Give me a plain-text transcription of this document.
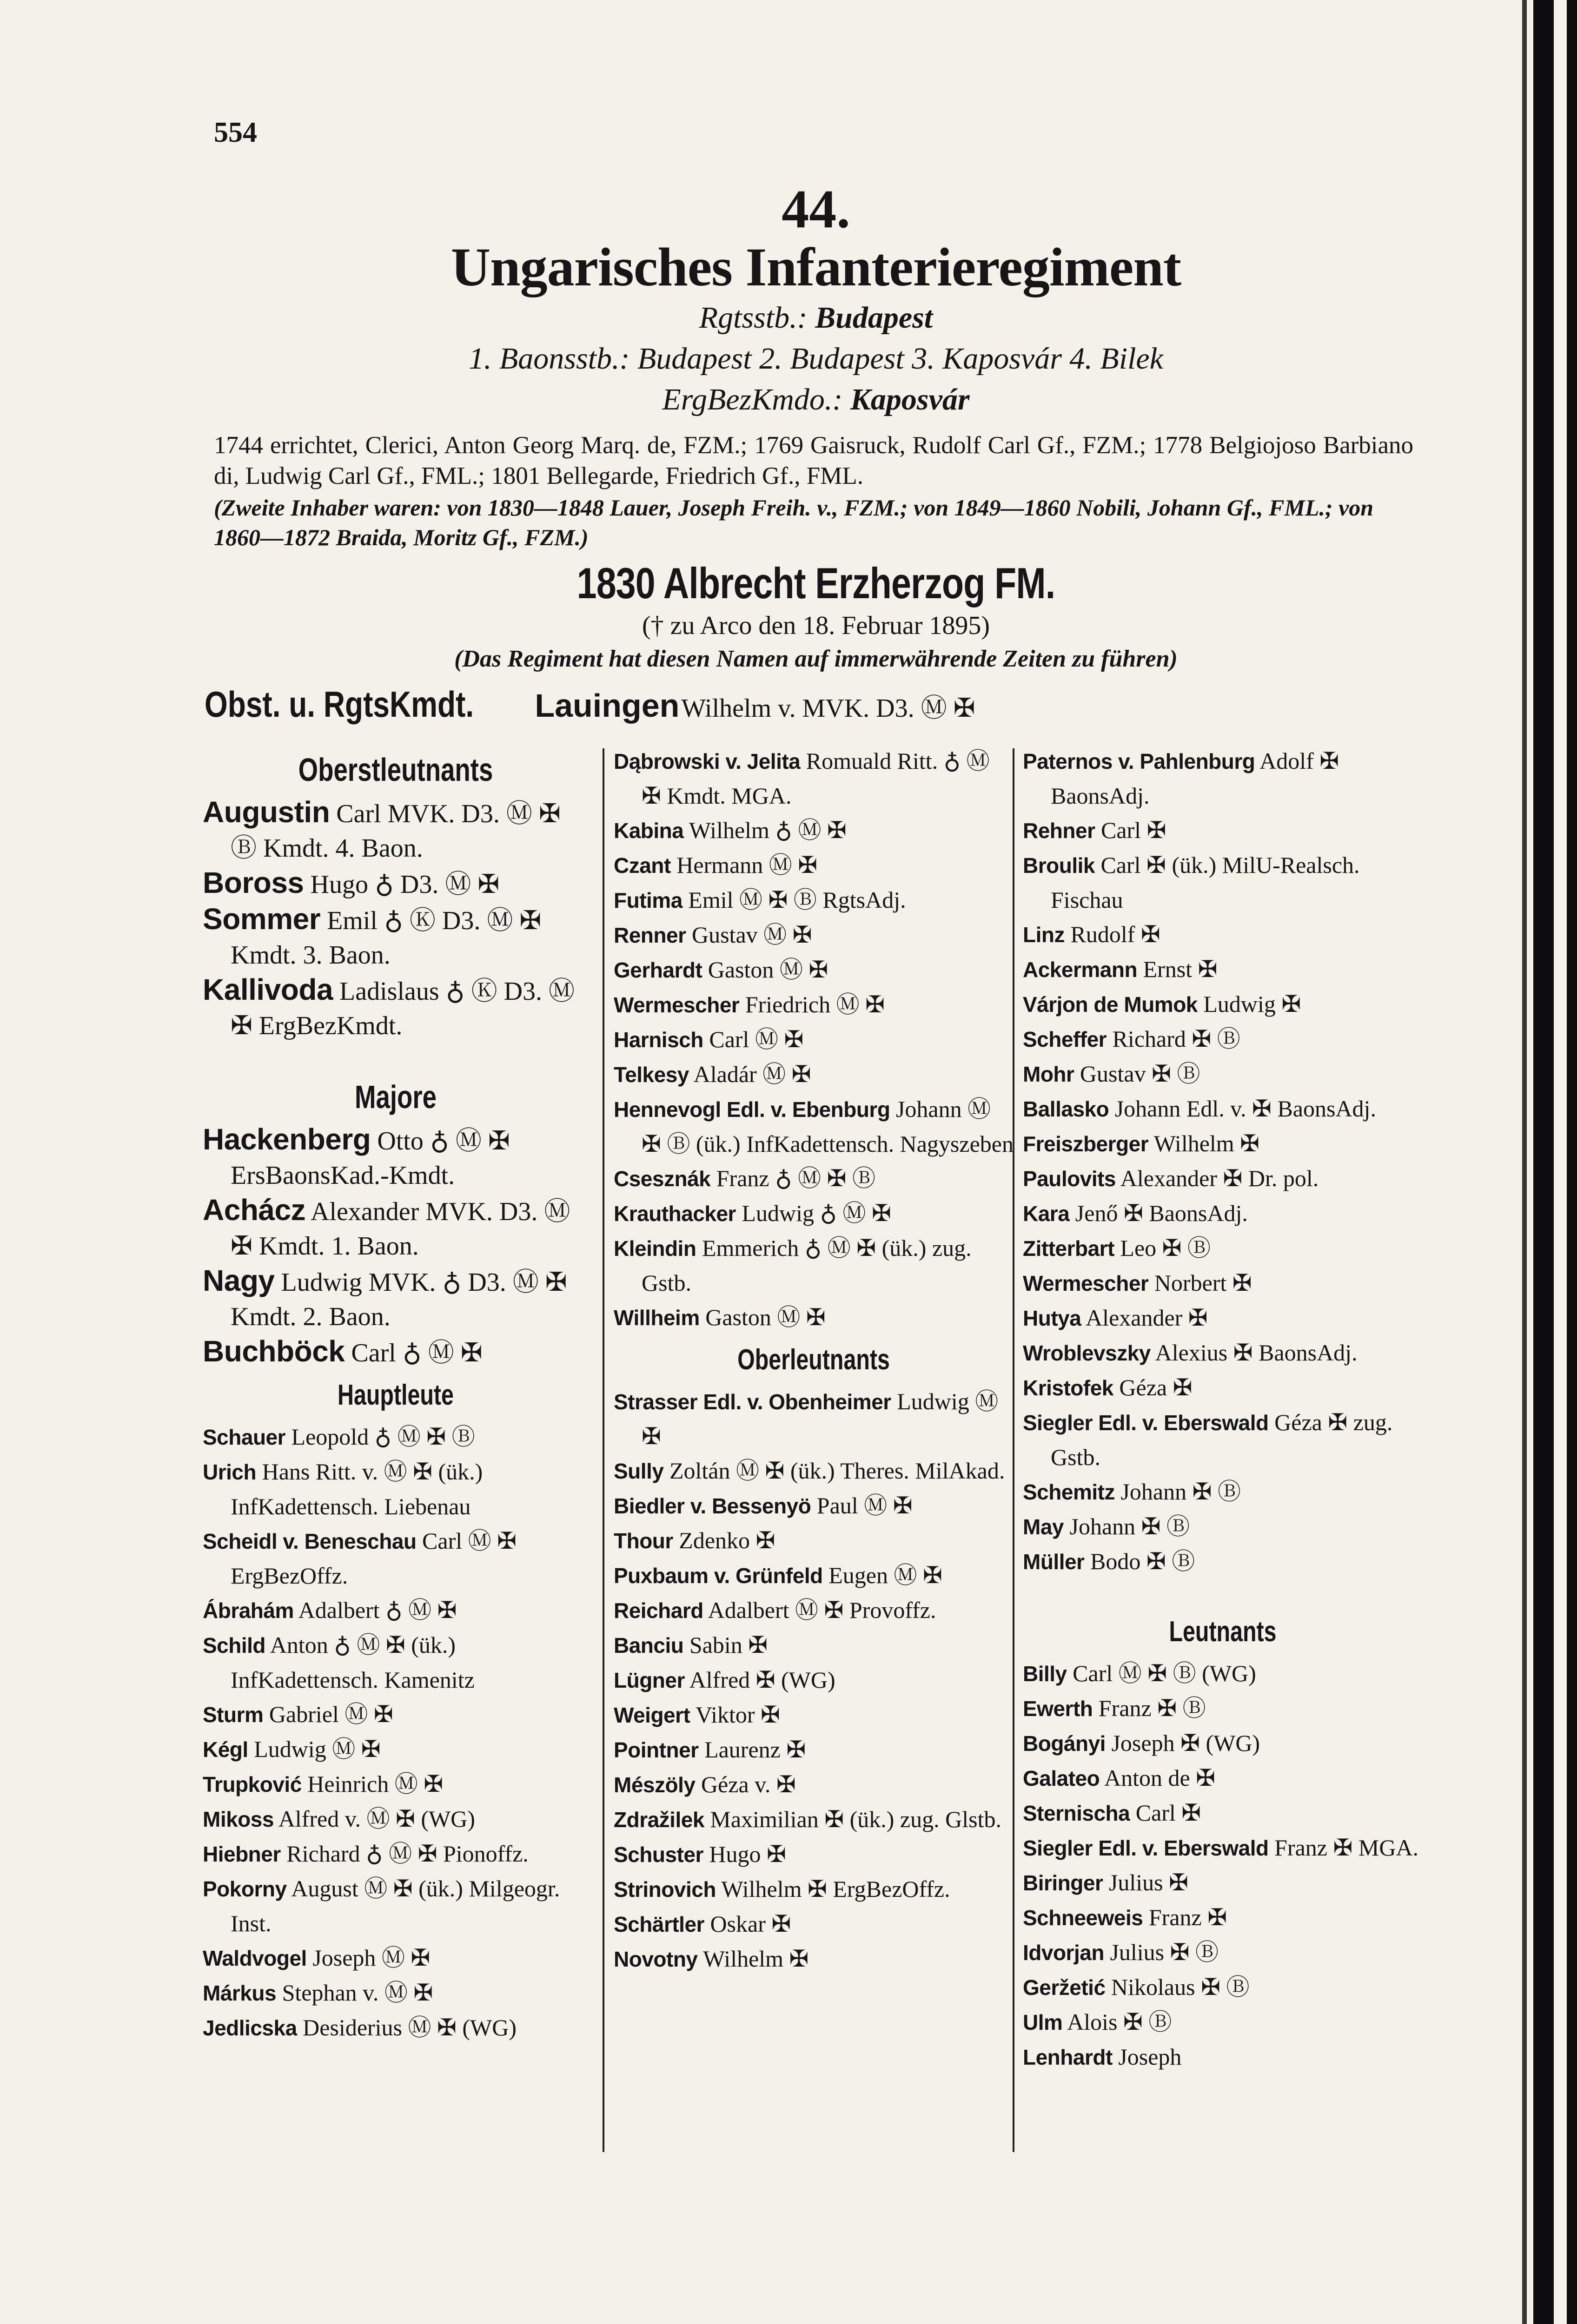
554
44.
Ungarisches Infanterieregiment
Rgtsstb.: Budapest
1. Baonsstb.: Budapest 2. Budapest 3. Kaposvár 4. Bilek
ErgBezKmdo.: Kaposvár
1744 errichtet, Clerici, Anton Georg Marq. de, FZM.; 1769 Gaisruck, Rudolf Carl Gf., FZM.; 1778 Belgiojoso Barbiano di, Ludwig Carl Gf., FML.; 1801 Bellegarde, Friedrich Gf., FML.
(Zweite Inhaber waren: von 1830—1848 Lauer, Joseph Freih. v., FZM.; von 1849—1860 Nobili, Johann Gf., FML.; von 1860—1872 Braida, Moritz Gf., FZM.)
1830 Albrecht Erzherzog FM.
(† zu Arco den 18. Februar 1895)
(Das Regiment hat diesen Namen auf immerwährende Zeiten zu führen)
Obst. u. RgtsKmdt. Lauingen Wilhelm v. MVK. D3. Ⓜ ✠
Oberstleutnants
Augustin Carl MVK. D3. Ⓜ ✠ Ⓑ Kmdt. 4. Baon.
Boross Hugo ♁ D3. Ⓜ ✠
Sommer Emil ♁ Ⓚ D3. Ⓜ ✠ Kmdt. 3. Baon.
Kallivoda Ladislaus ♁ Ⓚ D3. Ⓜ ✠ ErgBezKmdt.
Majore
Hackenberg Otto ♁ Ⓜ ✠ ErsBaonsKad.-Kmdt.
Achácz Alexander MVK. D3. Ⓜ ✠ Kmdt. 1. Baon.
Nagy Ludwig MVK. ♁ D3. Ⓜ ✠ Kmdt. 2. Baon.
Buchböck Carl ♁ Ⓜ ✠
Hauptleute
Schauer Leopold ♁ Ⓜ ✠ Ⓑ
Urich Hans Ritt. v. Ⓜ ✠ (ük.) InfKadettensch. Liebenau
Scheidl v. Beneschau Carl Ⓜ ✠ ErgBezOffz.
Ábrahám Adalbert ♁ Ⓜ ✠
Schild Anton ♁ Ⓜ ✠ (ük.) InfKadettensch. Kamenitz
Sturm Gabriel Ⓜ ✠
Kégl Ludwig Ⓜ ✠
Trupković Heinrich Ⓜ ✠
Mikoss Alfred v. Ⓜ ✠ (WG)
Hiebner Richard ♁ Ⓜ ✠ Pionoffz.
Pokorny August Ⓜ ✠ (ük.) Milgeogr. Inst.
Waldvogel Joseph Ⓜ ✠
Márkus Stephan v. Ⓜ ✠
Jedlicska Desiderius Ⓜ ✠ (WG)
Dąbrowski v. Jelita Romuald Ritt. ♁ Ⓜ ✠ Kmdt. MGA.
Kabina Wilhelm ♁ Ⓜ ✠
Czant Hermann Ⓜ ✠
Futima Emil Ⓜ ✠ Ⓑ RgtsAdj.
Renner Gustav Ⓜ ✠
Gerhardt Gaston Ⓜ ✠
Wermescher Friedrich Ⓜ ✠
Harnisch Carl Ⓜ ✠
Telkesy Aladár Ⓜ ✠
Hennevogl Edl. v. Ebenburg Johann Ⓜ ✠ Ⓑ (ük.) InfKadettensch. Nagyszeben
Csesznák Franz ♁ Ⓜ ✠ Ⓑ
Krauthacker Ludwig ♁ Ⓜ ✠
Kleindin Emmerich ♁ Ⓜ ✠ (ük.) zug. Gstb.
Willheim Gaston Ⓜ ✠
Oberleutnants
Strasser Edl. v. Obenheimer Ludwig Ⓜ ✠
Sully Zoltán Ⓜ ✠ (ük.) Theres. MilAkad.
Biedler v. Bessenyö Paul Ⓜ ✠
Thour Zdenko ✠
Puxbaum v. Grünfeld Eugen Ⓜ ✠
Reichard Adalbert Ⓜ ✠ Provoffz.
Banciu Sabin ✠
Lügner Alfred ✠ (WG)
Weigert Viktor ✠
Pointner Laurenz ✠
Mészöly Géza v. ✠
Zdražilek Maximilian ✠ (ük.) zug. Glstb.
Schuster Hugo ✠
Strinovich Wilhelm ✠ ErgBezOffz.
Schärtler Oskar ✠
Novotny Wilhelm ✠
Paternos v. Pahlenburg Adolf ✠ BaonsAdj.
Rehner Carl ✠
Broulik Carl ✠ (ük.) MilU-Realsch. Fischau
Linz Rudolf ✠
Ackermann Ernst ✠
Várjon de Mumok Ludwig ✠
Scheffer Richard ✠ Ⓑ
Mohr Gustav ✠ Ⓑ
Ballasko Johann Edl. v. ✠ BaonsAdj.
Freiszberger Wilhelm ✠
Paulovits Alexander ✠ Dr. pol.
Kara Jenő ✠ BaonsAdj.
Zitterbart Leo ✠ Ⓑ
Wermescher Norbert ✠
Hutya Alexander ✠
Wroblevszky Alexius ✠ BaonsAdj.
Kristofek Géza ✠
Siegler Edl. v. Eberswald Géza ✠ zug. Gstb.
Schemitz Johann ✠ Ⓑ
May Johann ✠ Ⓑ
Müller Bodo ✠ Ⓑ
Leutnants
Billy Carl Ⓜ ✠ Ⓑ (WG)
Ewerth Franz ✠ Ⓑ
Bogányi Joseph ✠ (WG)
Galateo Anton de ✠
Sternischa Carl ✠
Siegler Edl. v. Eberswald Franz ✠ MGA.
Biringer Julius ✠
Schneeweis Franz ✠
Idvorjan Julius ✠ Ⓑ
Geržetić Nikolaus ✠ Ⓑ
Ulm Alois ✠ Ⓑ
Lenhardt Joseph
